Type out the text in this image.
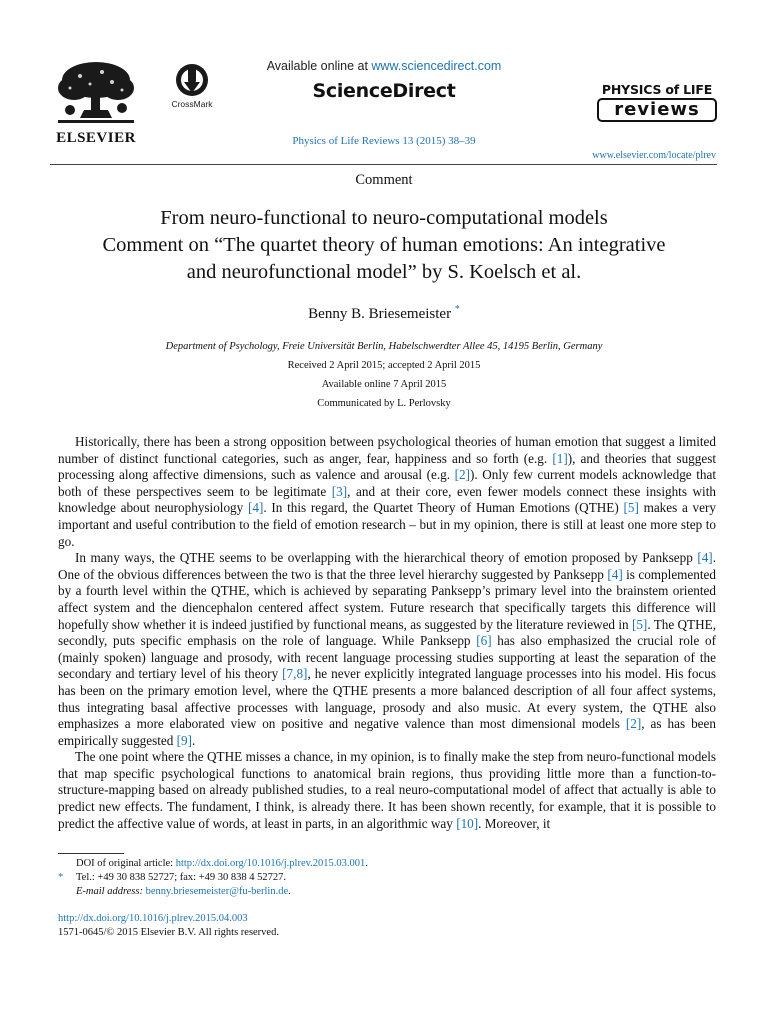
ELSEVIER
CrossMark
Available online at www.sciencedirect.com
ScienceDirect
Physics of Life Reviews 13 (2015) 38–39
PHYSICS of LIFE
reviews
www.elsevier.com/locate/plrev
Comment
From neuro-functional to neuro-computational models
Comment on “The quartet theory of human emotions: An integrative
and neurofunctional model” by S. Koelsch et al.
Benny B. Briesemeister *
Department of Psychology, Freie Universität Berlin, Habelschwerdter Allee 45, 14195 Berlin, Germany
Received 2 April 2015; accepted 2 April 2015
Available online 7 April 2015
Communicated by L. Perlovsky

Historically, there has been a strong opposition between psychological theories of human emotion that suggest a limited number of distinct functional categories, such as anger, fear, happiness and so forth (e.g. [1]), and theories that suggest processing along affective dimensions, such as valence and arousal (e.g. [2]). Only few current models acknowledge that both of these perspectives seem to be legitimate [3], and at their core, even fewer models connect these insights with knowledge about neurophysiology [4]. In this regard, the Quartet Theory of Human Emotions (QTHE) [5] makes a very important and useful contribution to the field of emotion research – but in my opinion, there is still at least one more step to go.

In many ways, the QTHE seems to be overlapping with the hierarchical theory of emotion proposed by Panksepp [4]. One of the obvious differences between the two is that the three level hierarchy suggested by Panksepp [4] is complemented by a fourth level within the QTHE, which is achieved by separating Panksepp’s primary level into the brainstem oriented affect system and the diencephalon centered affect system. Future research that specifically targets this difference will hopefully show whether it is indeed justified by functional means, as suggested by the literature reviewed in [5]. The QTHE, secondly, puts specific emphasis on the role of language. While Panksepp [6] has also emphasized the crucial role of (mainly spoken) language and prosody, with recent language processing studies supporting at least the separation of the secondary and tertiary level of his theory [7,8], he never explicitly integrated language processes into his model. His focus has been on the primary emotion level, where the QTHE presents a more balanced description of all four affect systems, thus integrating basal affective processes with language, prosody and also music. At every system, the QTHE also emphasizes a more elaborated view on positive and negative valence than most dimensional models [2], as has been empirically suggested [9].

The one point where the QTHE misses a chance, in my opinion, is to finally make the step from neuro-functional models that map specific psychological functions to anatomical brain regions, thus providing little more than a function-to-structure-mapping based on already published studies, to a real neuro-computational model of affect that actually is able to predict new effects. The fundament, I think, is already there. It has been shown recently, for example, that it is possible to predict the affective value of words, at least in parts, in an algorithmic way [10]. Moreover, it

DOI of original article: http://dx.doi.org/10.1016/j.plrev.2015.03.001.
* Tel.: +49 30 838 52727; fax: +49 30 838 4 52727.
E-mail address: benny.briesemeister@fu-berlin.de.
http://dx.doi.org/10.1016/j.plrev.2015.04.003
1571-0645/© 2015 Elsevier B.V. All rights reserved.
